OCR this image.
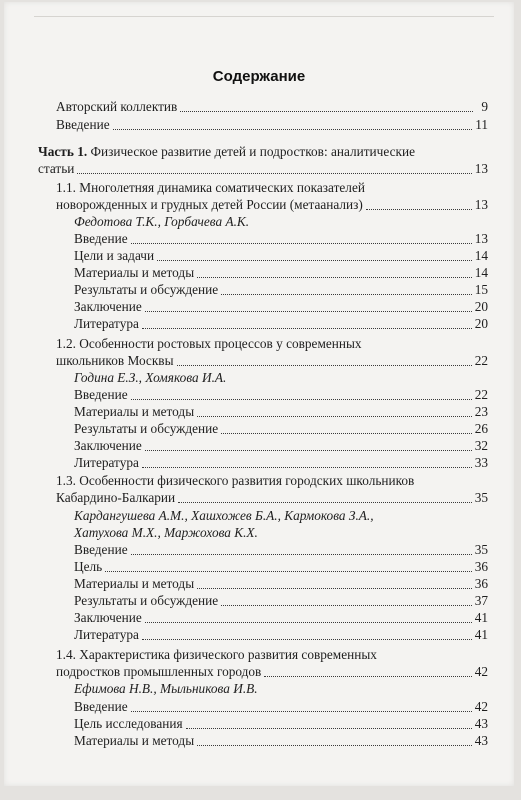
Содержание
Авторский коллектив	9
Введение	11
Часть 1. Физическое развитие детей и подростков: аналитические
статьи	13
1.1. Многолетняя динамика соматических показателей
новорожденных и грудных детей России (метаанализ)	13
Федотова Т.К., Горбачева А.К.
Введение	13
Цели и задачи	14
Материалы и методы	14
Результаты и обсуждение	15
Заключение	20
Литература	20
1.2. Особенности ростовых процессов у современных
школьников Москвы	22
Година Е.З., Хомякова И.А.
Введение	22
Материалы и методы	23
Результаты и обсуждение	26
Заключение	32
Литература	33
1.3. Особенности физического развития городских школьников
Кабардино-Балкарии	35
Кардангушева А.М., Хашхожев Б.А., Кармокова З.А.,
Хатухова М.Х., Маржохова К.Х.
Введение	35
Цель	36
Материалы и методы	36
Результаты и обсуждение	37
Заключение	41
Литература	41
1.4. Характеристика физического развития современных
подростков промышленных городов	42
Ефимова Н.В., Мыльникова И.В.
Введение	42
Цель исследования	43
Материалы и методы	43
